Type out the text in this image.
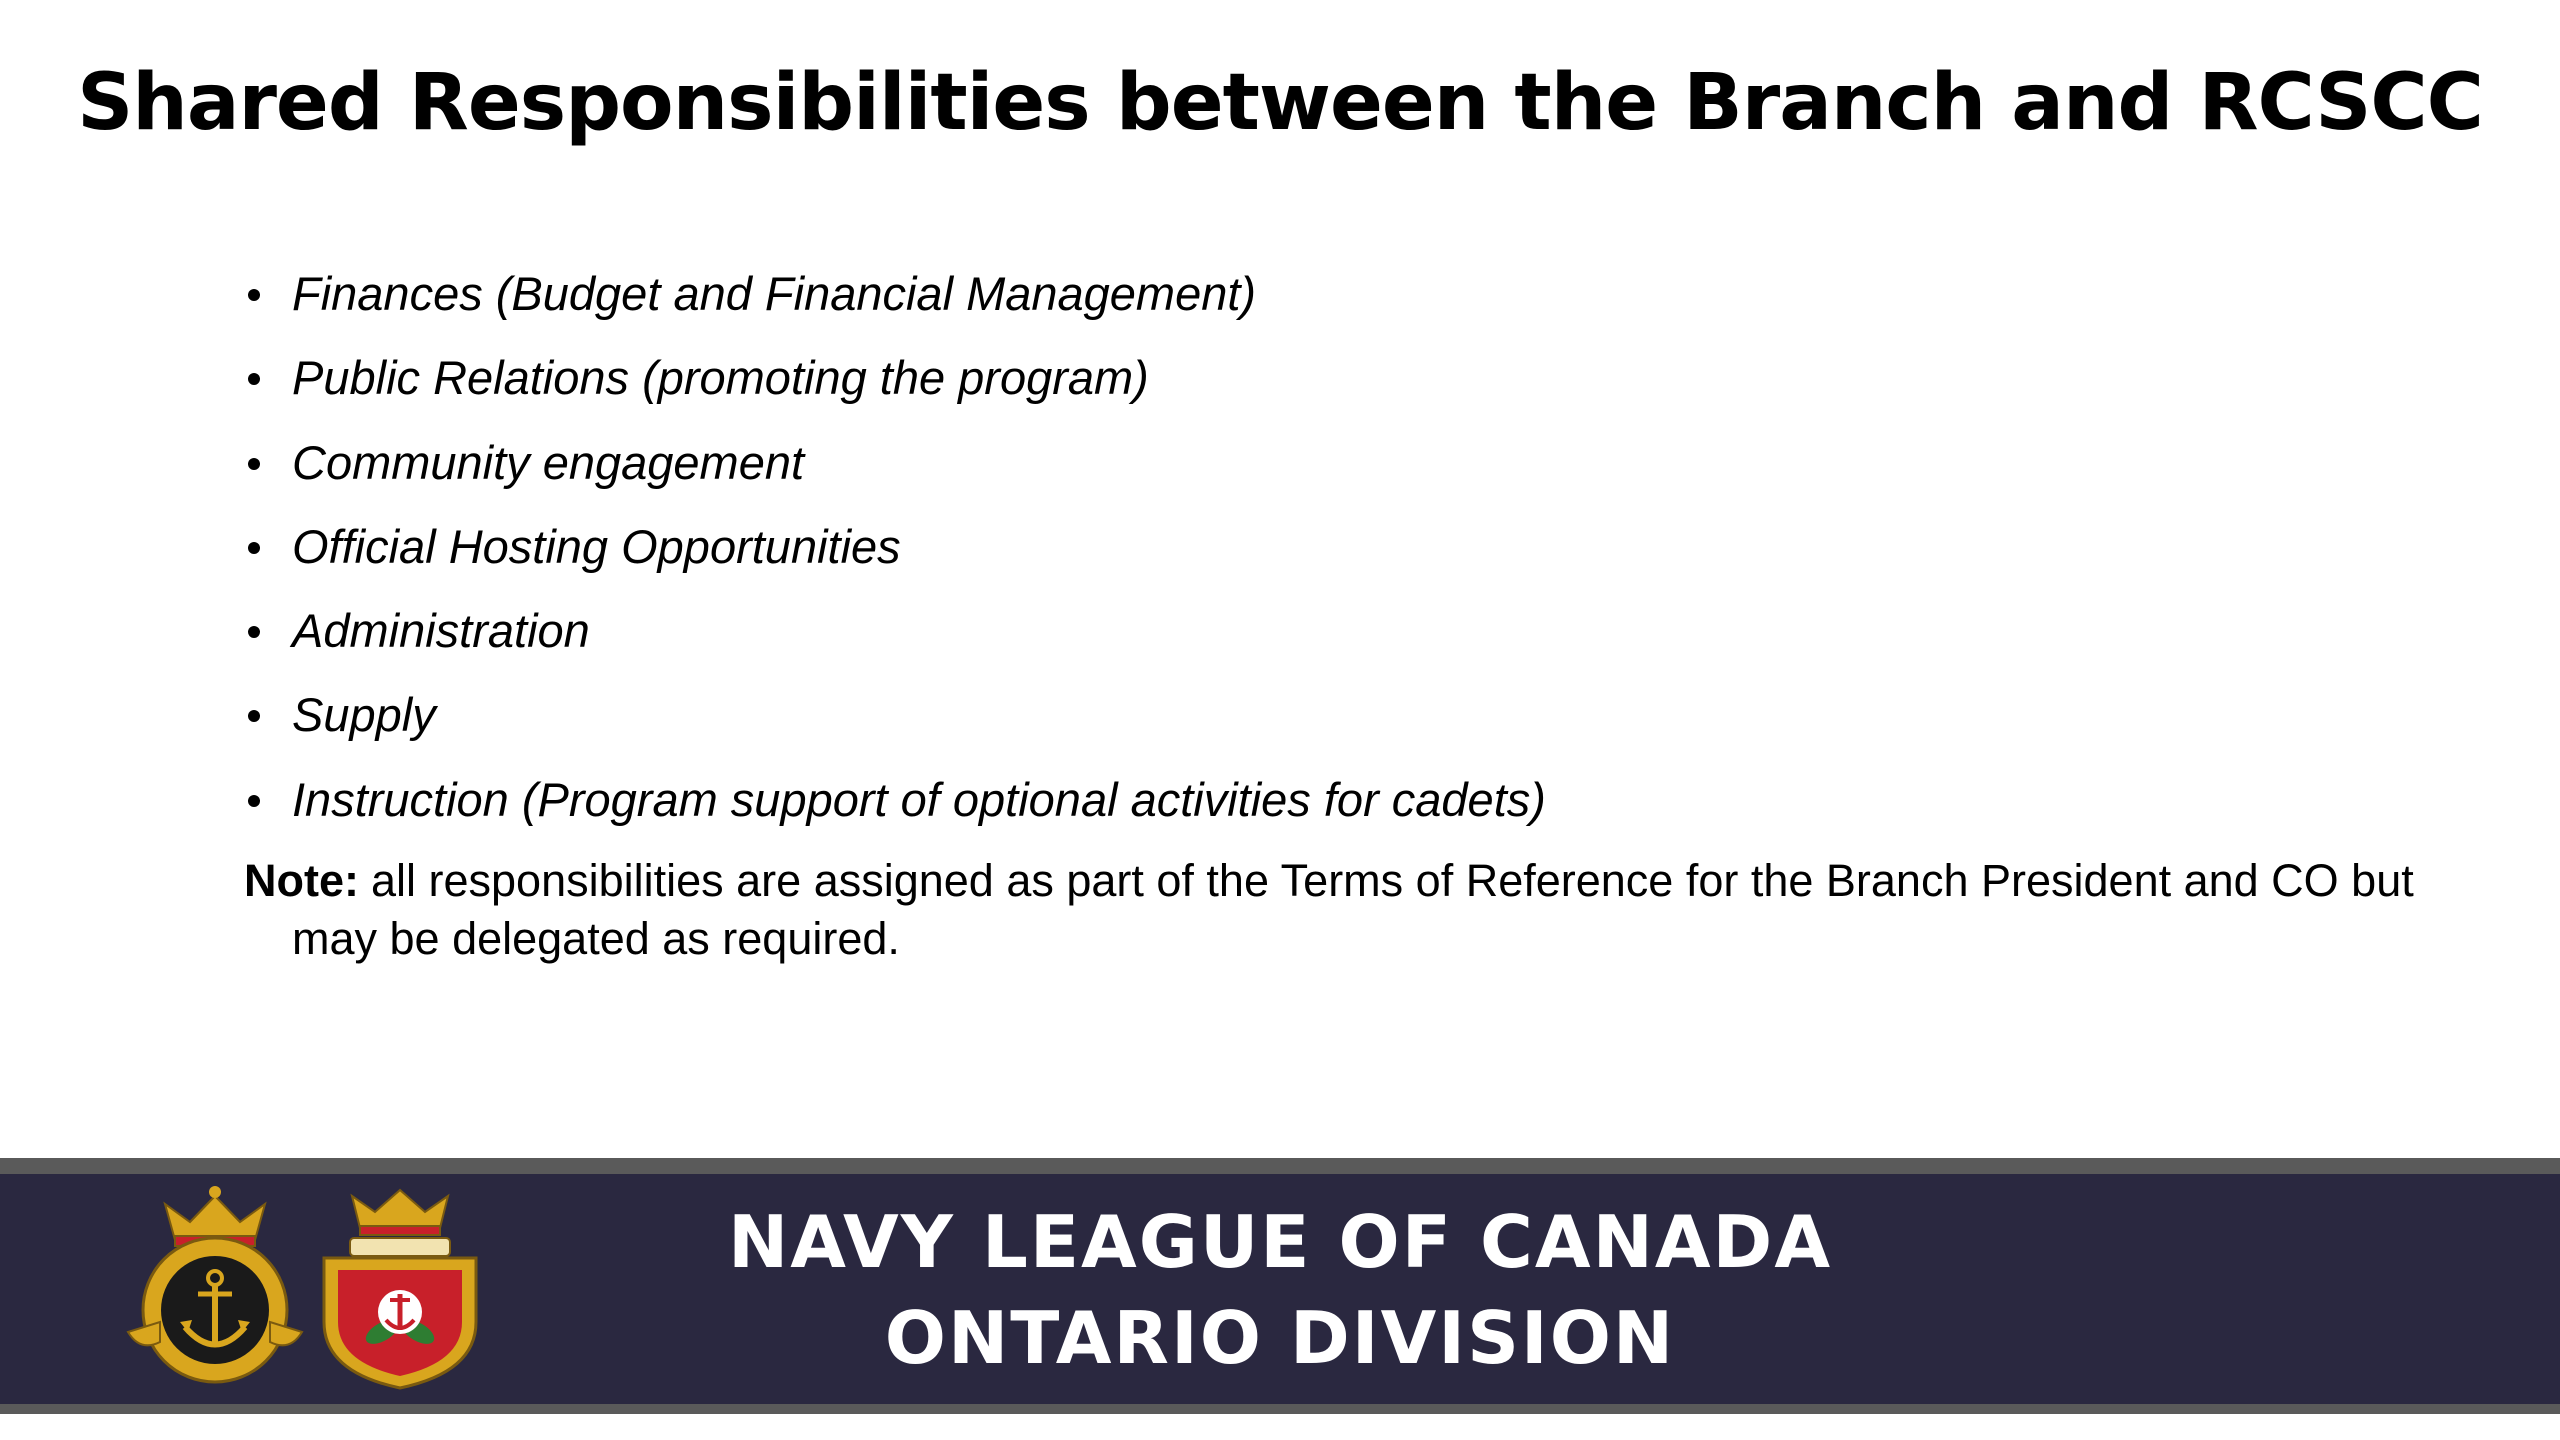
Shared Responsibilities between the Branch and RCSCC
Finances (Budget and Financial Management)
Public Relations (promoting the program)
Community engagement
Official Hosting Opportunities
Administration
Supply
Instruction (Program support of optional activities for cadets)

Note: all responsibilities are assigned as part of the Terms of Reference for the Branch President and CO but may be delegated as required.

NAVY LEAGUE OF CANADA
ONTARIO DIVISION
